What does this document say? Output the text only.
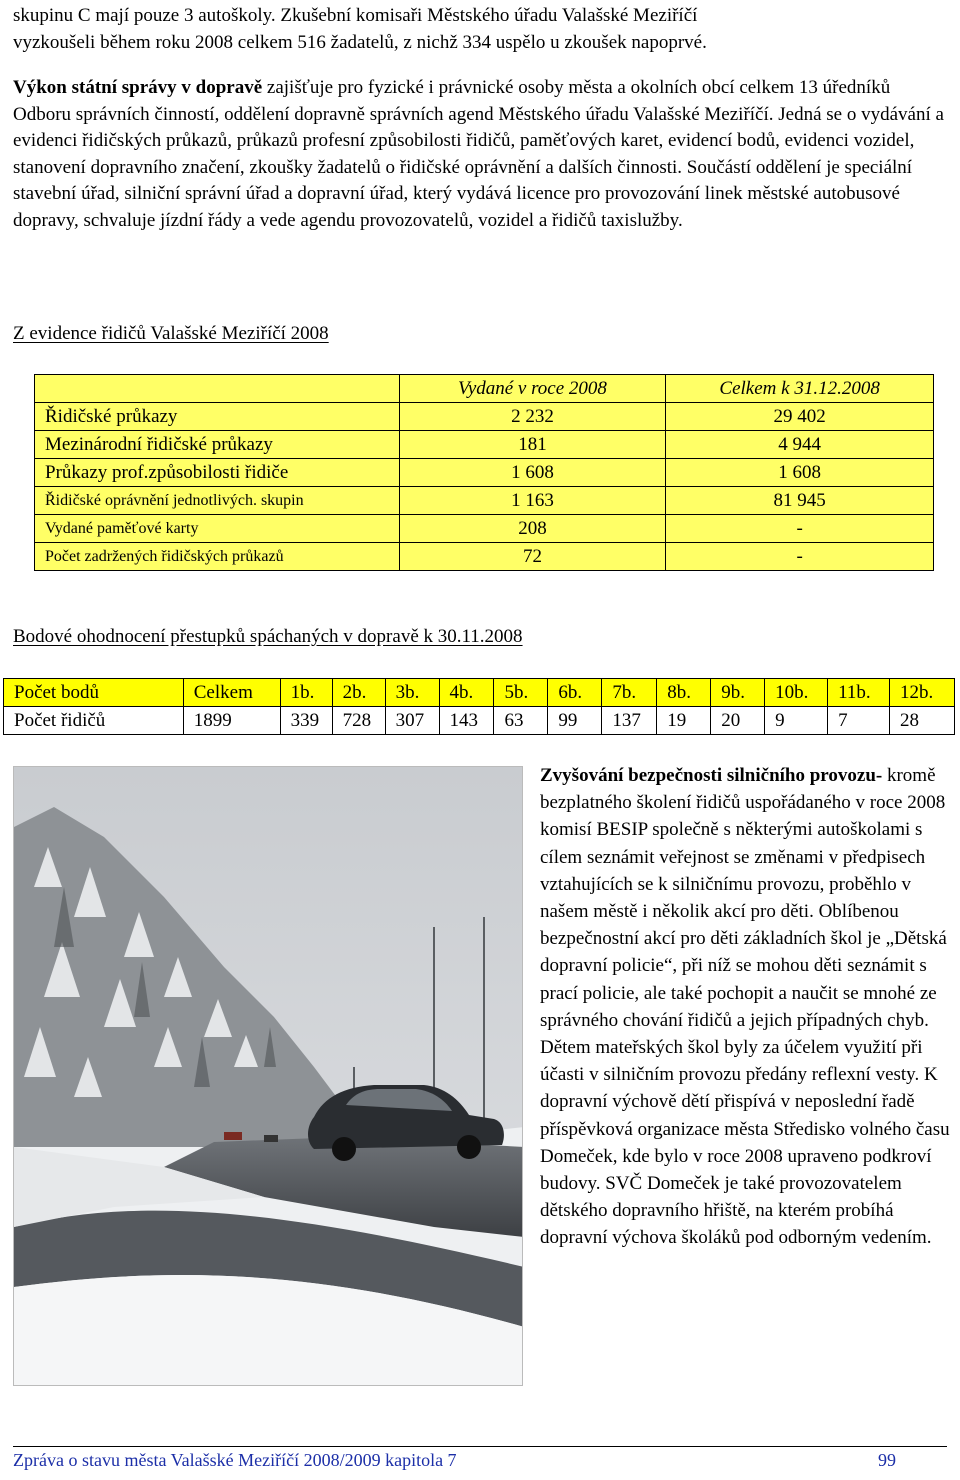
skupinu C mají pouze 3 autoškoly. Zkušební komisaři Městského úřadu Valašské Meziříčí
vyzkoušeli během roku 2008 celkem 516 žadatelů, z nichž 334 uspělo u zkoušek napoprvé.

Výkon státní správy v dopravě zajišťuje pro fyzické i právnické osoby města a okolních obcí celkem 13 úředníků Odboru správních činností, oddělení dopravně správních agend Městského úřadu Valašské Meziříčí. Jedná se o vydávání a evidenci řidičských průkazů, průkazů profesní způsobilosti řidičů, paměťových karet, evidencí bodů, evidenci vozidel, stanovení dopravního značení, zkoušky žadatelů o řidičské oprávnění a dalších činnosti. Součástí oddělení je speciální stavební úřad, silniční správní úřad a dopravní úřad, který vydává licence pro provozování linek městské autobusové dopravy, schvaluje jízdní řády a vede agendu provozovatelů, vozidel a řidičů taxislužby.

Z evidence řidičů Valašské Meziříčí 2008
	Vydané v roce 2008	Celkem k 31.12.2008
Řidičské průkazy	2 232	29 402
Mezinárodní řidičské průkazy	181	4 944
Průkazy prof.způsobilosti řidiče	1 608	1 608
Řidičské oprávnění jednotlivých. skupin	1 163	81 945
Vydané paměťové karty	208	-
Počet zadržených řidičských průkazů	72	-
Bodové ohodnocení přestupků spáchaných v dopravě k 30.11.2008
Počet bodů	Celkem	1b.	2b.	3b.	4b.	5b.	6b.	7b.	8b.	9b.	10b.	11b.	12b.
Počet řidičů	1899	339	728	307	143	63	99	137	19	20	9	7	28
Zvyšování bezpečnosti silničního provozu- kromě bezplatného školení řidičů uspořádaného v roce 2008 komisí BESIP společně s některými autoškolami s cílem seznámit veřejnost se změnami v předpisech vztahujících se k silničnímu provozu, proběhlo v našem městě i několik akcí pro děti. Oblíbenou bezpečnostní akcí pro děti základních škol je „Dětská dopravní policie“, při níž se mohou děti seznámit s prací policie, ale také pochopit a naučit se mnohé ze správného chování řidičů a jejich případných chyb. Dětem mateřských škol byly za účelem využití při účasti v silničním provozu předány reflexní vesty. K dopravní výchově dětí přispívá v neposlední řadě příspěvková organizace města Středisko volného času Domeček, kde bylo v roce 2008 upraveno podkroví budovy. SVČ Domeček je také provozovatelem dětského dopravního hřiště, na kterém probíhá dopravní výchova školáků pod odborným vedením.
Zpráva o stavu města Valašské Meziříčí 2008/2009 kapitola 7	99
